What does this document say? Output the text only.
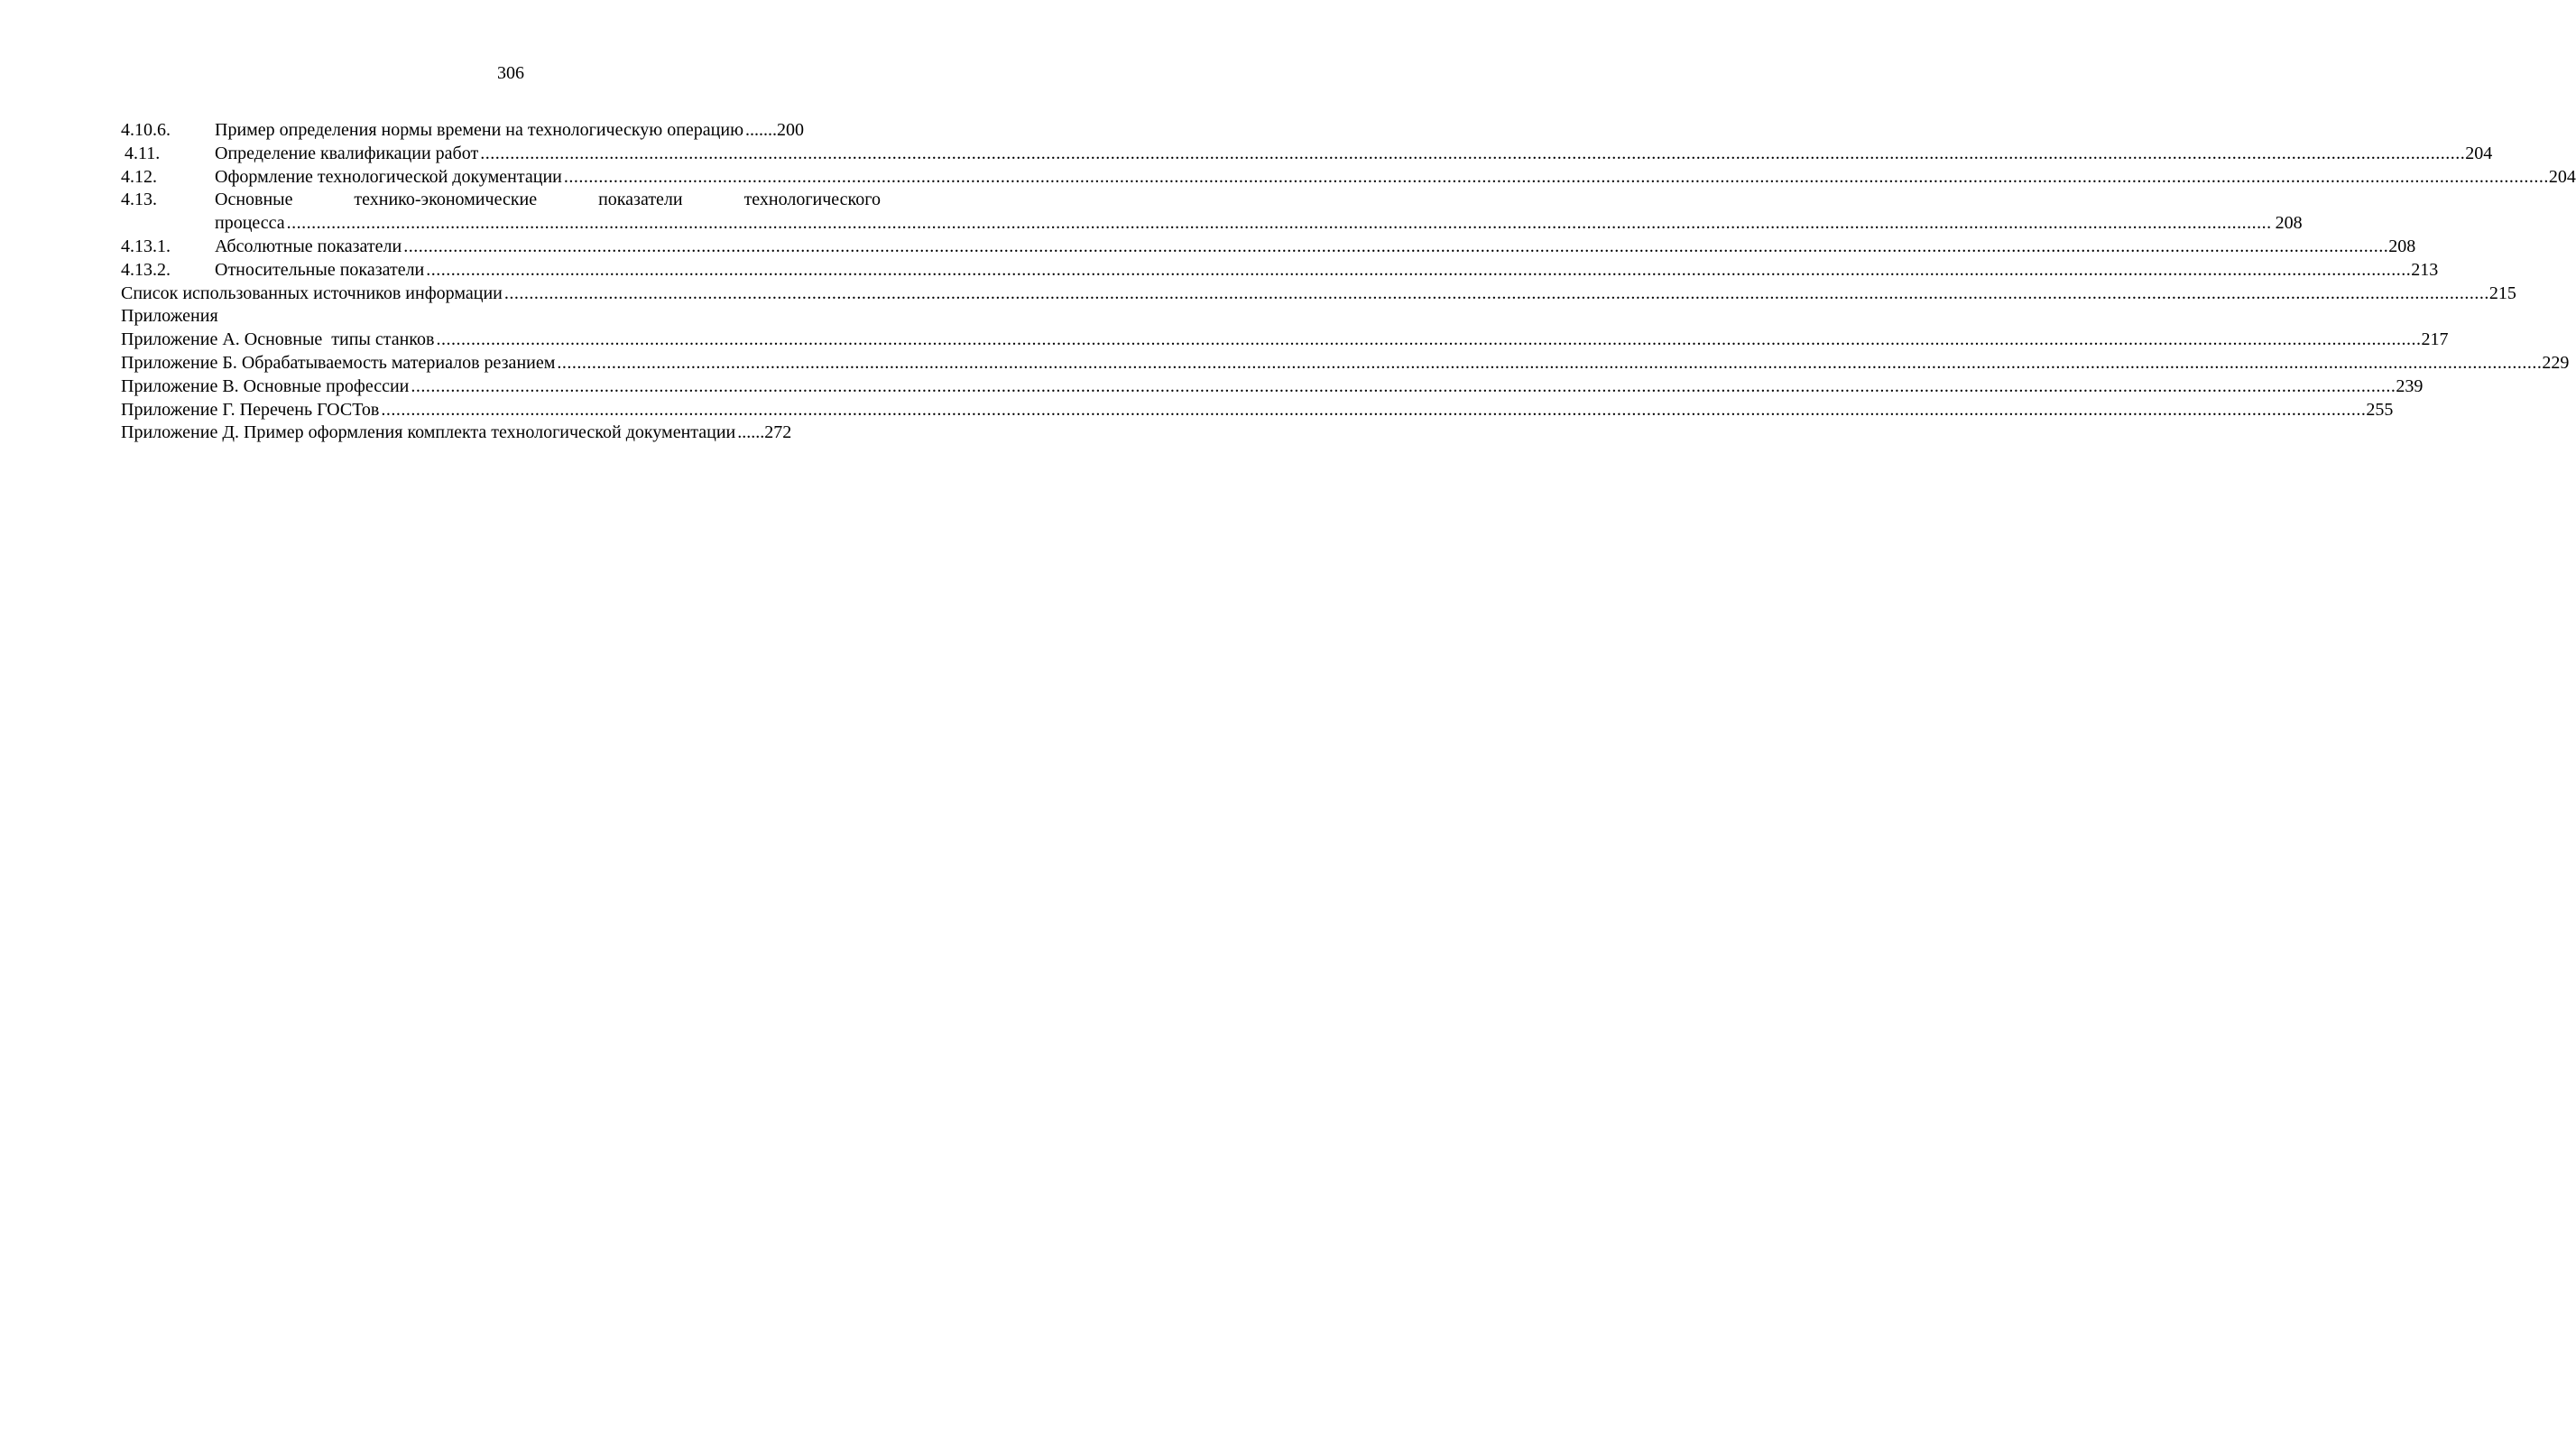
306
4.10.6.	Пример определения нормы времени на технологическую операцию ....... 200
4.11.	Определение квалификации работ ................................................................................................................................................................................................................................................................................................................................................................................................................ 204
4.12.	Оформление технологической документации ................................................................................................................................................................................................................................................................................................................................................................................................................ 204
4.13.	Основные	технико-экономические	показатели	технологического
процесса ................................................................................................................................................................................................................................................................................................................................................................................................................ 208
4.13.1.	Абсолютные показатели ................................................................................................................................................................................................................................................................................................................................................................................................................ 208
4.13.2.	Относительные показатели ................................................................................................................................................................................................................................................................................................................................................................................................................ 213
Список использованных источников информации ................................................................................................................................................................................................................................................................................................................................................................................................................ 215
Приложения
Приложение А. Основные  типы станков ................................................................................................................................................................................................................................................................................................................................................................................................................ 217
Приложение Б. Обрабатываемость материалов резанием ................................................................................................................................................................................................................................................................................................................................................................................................................ 229
Приложение В. Основные профессии ................................................................................................................................................................................................................................................................................................................................................................................................................ 239
Приложение Г. Перечень ГОСТов ................................................................................................................................................................................................................................................................................................................................................................................................................ 255
Приложение Д. Пример оформления комплекта технологической документации ...... 272
